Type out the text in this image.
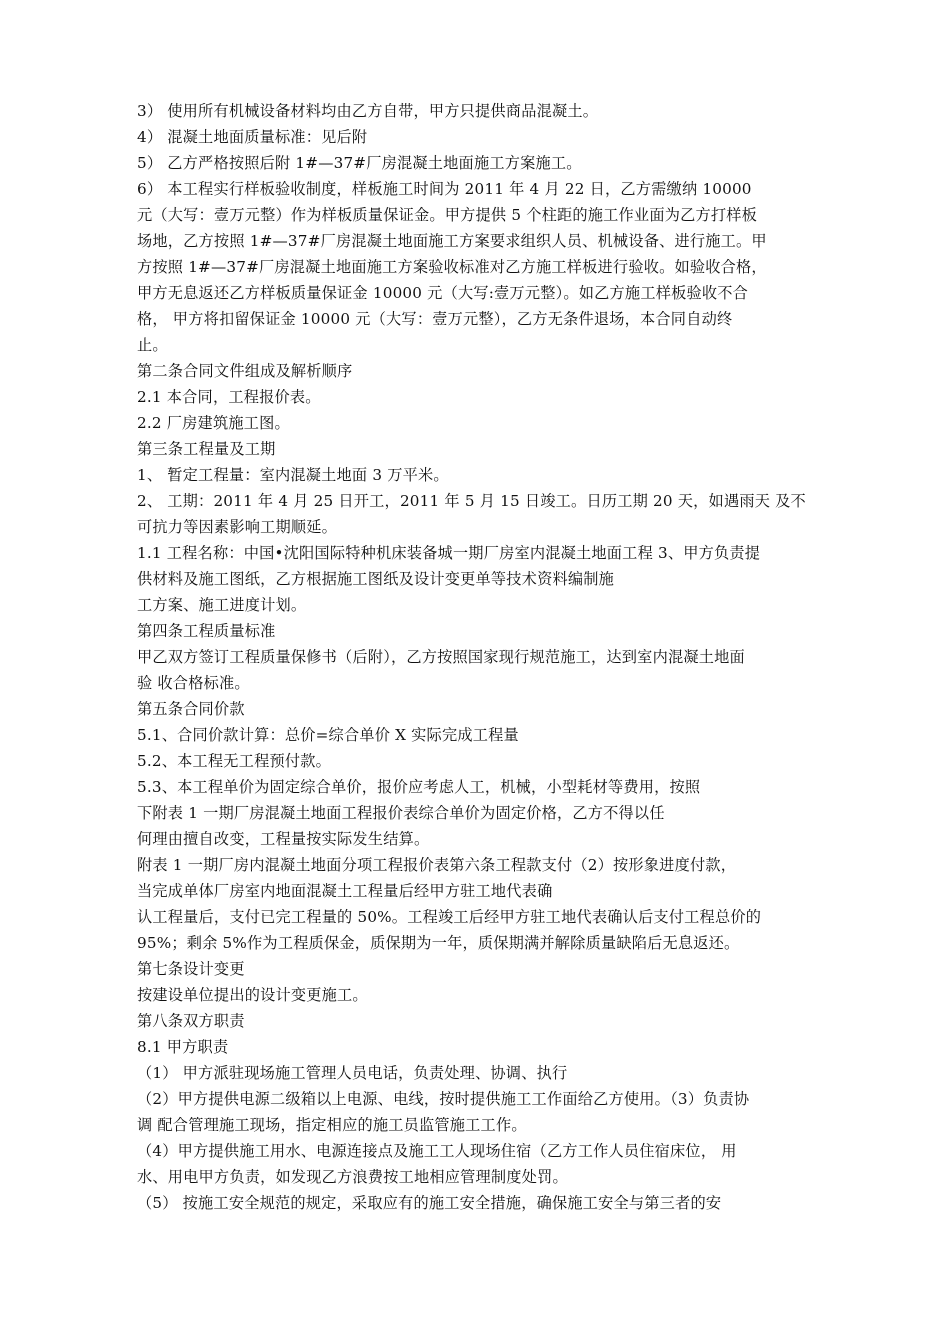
3） 使用所有机械设备材料均由乙方自带，甲方只提供商品混凝土。
4） 混凝土地面质量标准：见后附
5） 乙方严格按照后附 1#—37#厂房混凝土地面施工方案施工。
6） 本工程实行样板验收制度，样板施工时间为 2011 年 4 月 22 日，乙方需缴纳 10000
元（大写：壹万元整）作为样板质量保证金。甲方提供 5 个柱距的施工作业面为乙方打样板
场地，乙方按照 1#—37#厂房混凝土地面施工方案要求组织人员、机械设备、进行施工。甲
方按照 1#—37#厂房混凝土地面施工方案验收标准对乙方施工样板进行验收。如验收合格，
甲方无息返还乙方样板质量保证金 10000 元（大写:壹万元整）。如乙方施工样板验收不合
格， 甲方将扣留保证金 10000 元（大写：壹万元整），乙方无条件退场，本合同自动终
止。
第二条合同文件组成及解析顺序
2.1 本合同，工程报价表。
2.2 厂房建筑施工图。
第三条工程量及工期
1、 暂定工程量：室内混凝土地面 3 万平米。
2、 工期：2011 年 4 月 25 日开工，2011 年 5 月 15 日竣工。日历工期 20 天，如遇雨天 及不
可抗力等因素影响工期顺延。
1.1 工程名称：中国•沈阳国际特种机床装备城一期厂房室内混凝土地面工程 3、甲方负责提
供材料及施工图纸，乙方根据施工图纸及设计变更单等技术资料编制施
工方案、施工进度计划。
第四条工程质量标准
甲乙双方签订工程质量保修书（后附），乙方按照国家现行规范施工，达到室内混凝土地面
验 收合格标准。
第五条合同价款
5.1、合同价款计算：总价=综合单价 X 实际完成工程量
5.2、本工程无工程预付款。
5.3、本工程单价为固定综合单价，报价应考虑人工，机械，小型耗材等费用，按照
下附表 1 一期厂房混凝土地面工程报价表综合单价为固定价格，乙方不得以任
何理由擅自改变，工程量按实际发生结算。
附表 1 一期厂房内混凝土地面分项工程报价表第六条工程款支付（2）按形象进度付款，
当完成单体厂房室内地面混凝土工程量后经甲方驻工地代表确
认工程量后，支付已完工程量的 50%。工程竣工后经甲方驻工地代表确认后支付工程总价的
95%；剩余 5%作为工程质保金，质保期为一年，质保期满并解除质量缺陷后无息返还。
第七条设计变更
按建设单位提出的设计变更施工。
第八条双方职责
8.1 甲方职责
（1） 甲方派驻现场施工管理人员电话，负责处理、协调、执行
（2）甲方提供电源二级箱以上电源、电线，按时提供施工工作面给乙方使用。（3）负责协
调 配合管理施工现场，指定相应的施工员监管施工工作。
（4）甲方提供施工用水、电源连接点及施工工人现场住宿（乙方工作人员住宿床位， 用
水、用电甲方负责，如发现乙方浪费按工地相应管理制度处罚。
（5） 按施工安全规范的规定，采取应有的施工安全措施，确保施工安全与第三者的安
